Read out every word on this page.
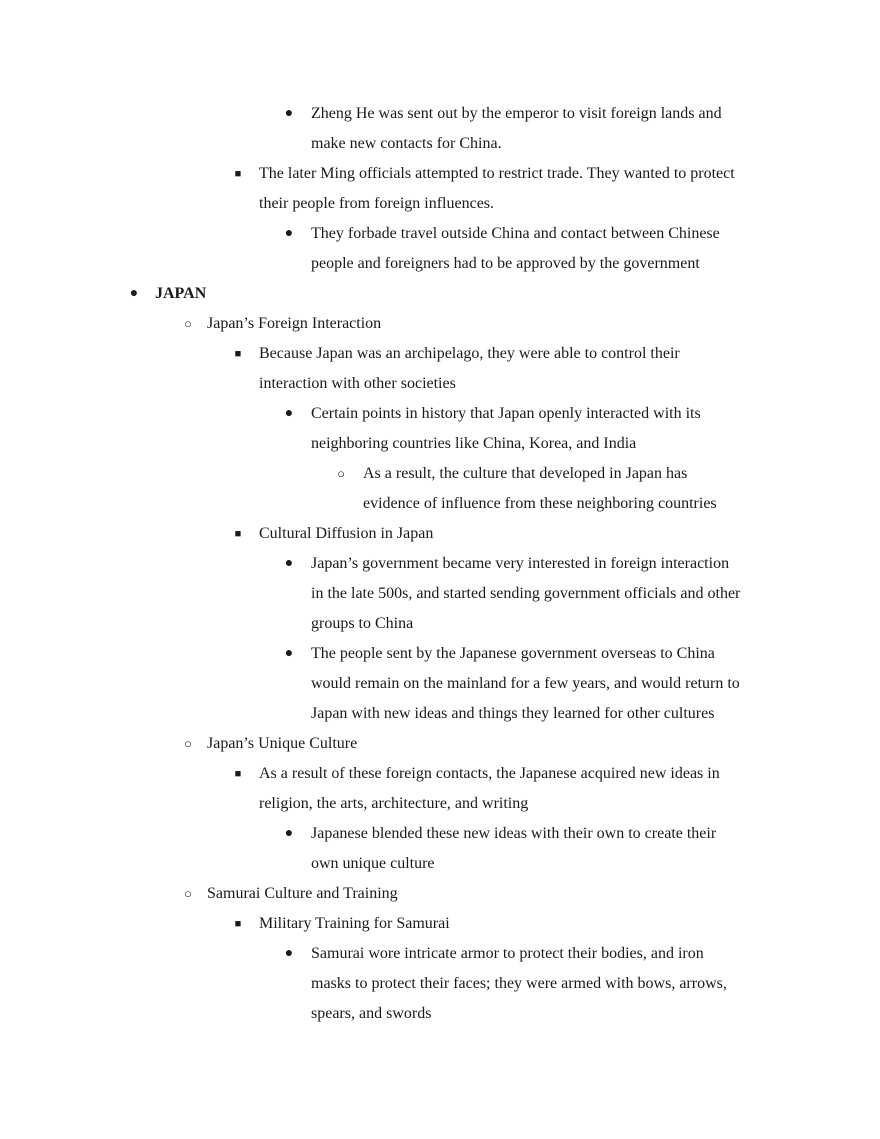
● Zheng He was sent out by the emperor to visit foreign lands and
make new contacts for China.
■ The later Ming officials attempted to restrict trade. They wanted to protect
their people from foreign influences.
● They forbade travel outside China and contact between Chinese
people and foreigners had to be approved by the government
● JAPAN
○ Japan’s Foreign Interaction
■ Because Japan was an archipelago, they were able to control their
interaction with other societies
● Certain points in history that Japan openly interacted with its
neighboring countries like China, Korea, and India
○ As a result, the culture that developed in Japan has
evidence of influence from these neighboring countries
■ Cultural Diffusion in Japan
● Japan’s government became very interested in foreign interaction
in the late 500s, and started sending government officials and other
groups to China
● The people sent by the Japanese government overseas to China
would remain on the mainland for a few years, and would return to
Japan with new ideas and things they learned for other cultures
○ Japan’s Unique Culture
■ As a result of these foreign contacts, the Japanese acquired new ideas in
religion, the arts, architecture, and writing
● Japanese blended these new ideas with their own to create their
own unique culture
○ Samurai Culture and Training
■ Military Training for Samurai
● Samurai wore intricate armor to protect their bodies, and iron
masks to protect their faces; they were armed with bows, arrows,
spears, and swords
